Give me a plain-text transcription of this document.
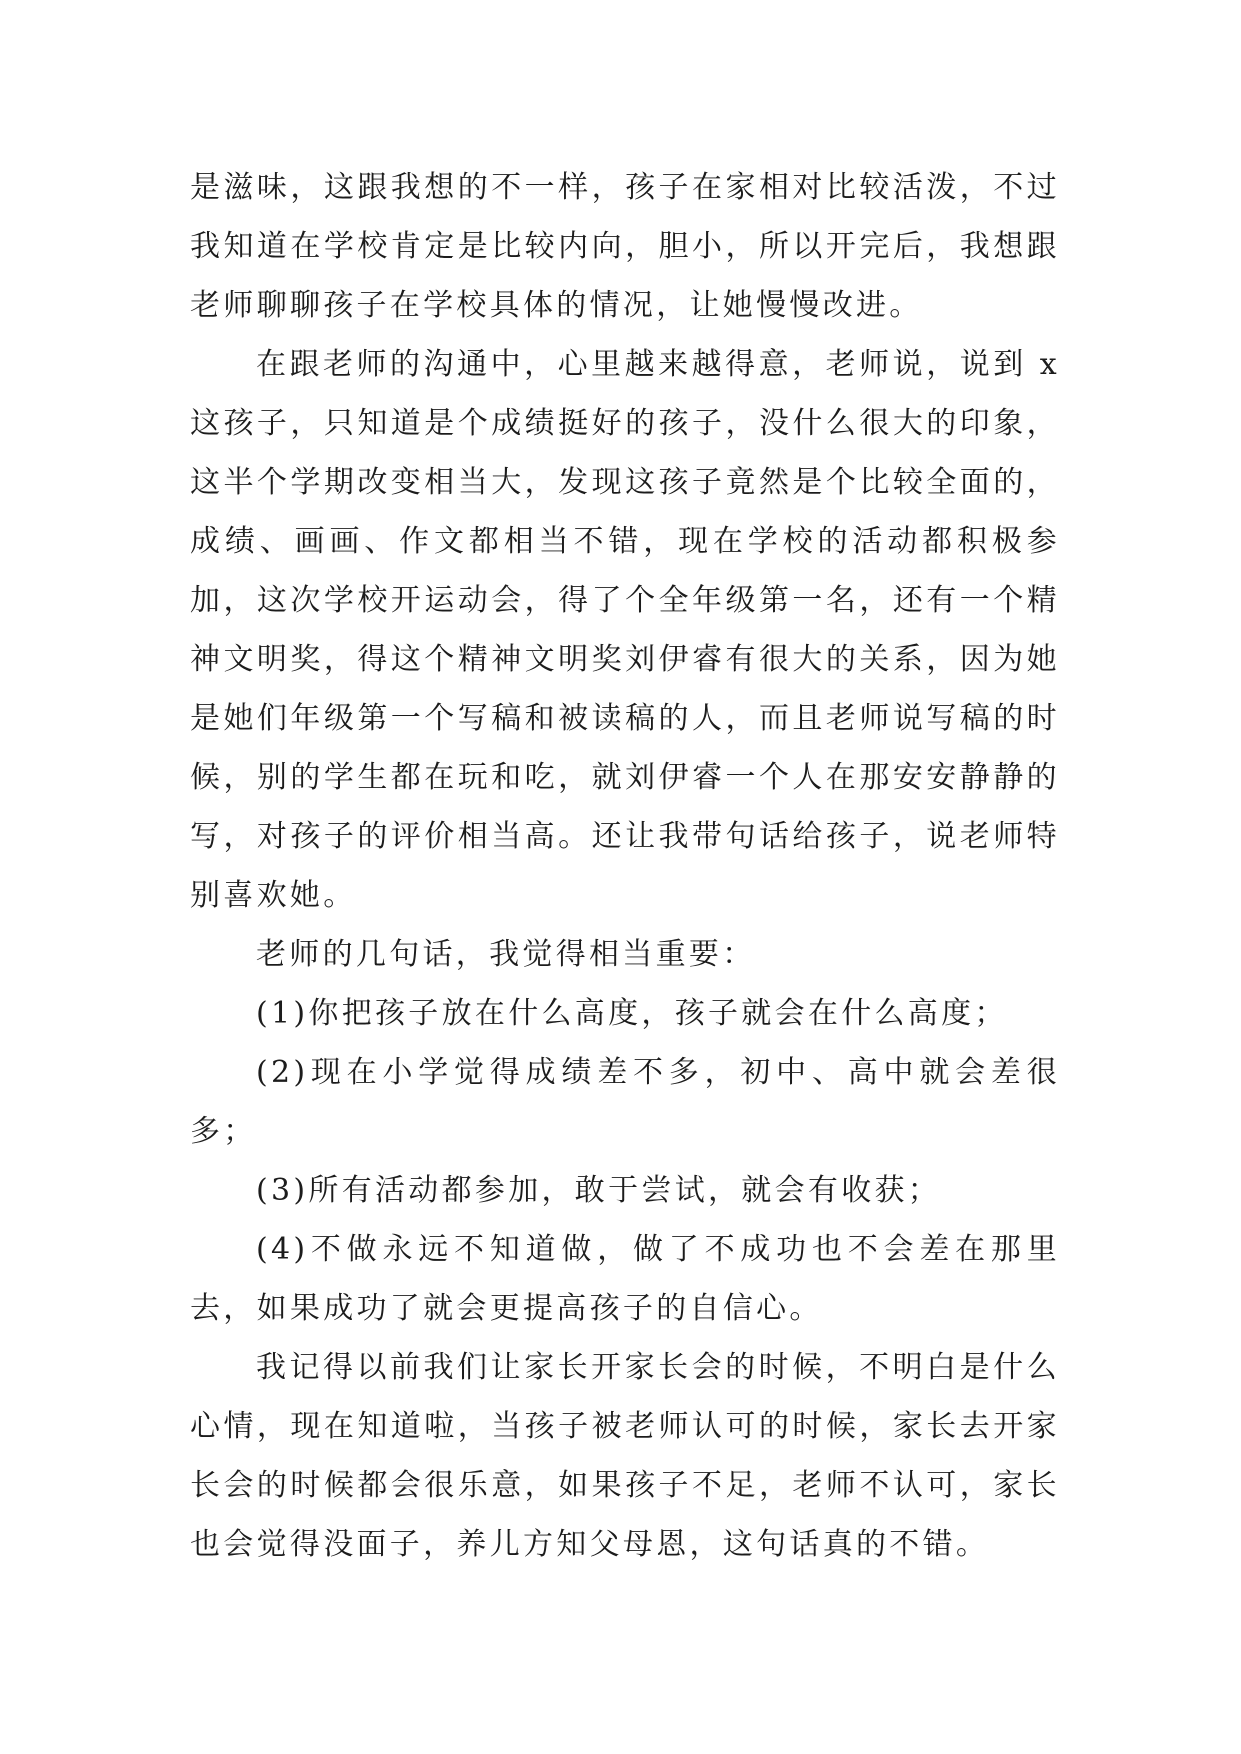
是滋味，这跟我想的不一样，孩子在家相对比较活泼，不过我知道在学校肯定是比较内向，胆小，所以开完后，我想跟老师聊聊孩子在学校具体的情况，让她慢慢改进。

在跟老师的沟通中，心里越来越得意，老师说，说到 x 这孩子，只知道是个成绩挺好的孩子，没什么很大的印象，这半个学期改变相当大，发现这孩子竟然是个比较全面的，成绩、画画、作文都相当不错，现在学校的活动都积极参加，这次学校开运动会，得了个全年级第一名，还有一个精神文明奖，得这个精神文明奖刘伊睿有很大的关系，因为她是她们年级第一个写稿和被读稿的人，而且老师说写稿的时候，别的学生都在玩和吃，就刘伊睿一个人在那安安静静的写，对孩子的评价相当高。还让我带句话给孩子，说老师特别喜欢她。

老师的几句话，我觉得相当重要：

(1)你把孩子放在什么高度，孩子就会在什么高度；

(2)现在小学觉得成绩差不多，初中、高中就会差很多；

(3)所有活动都参加，敢于尝试，就会有收获；

(4)不做永远不知道做，做了不成功也不会差在那里去，如果成功了就会更提高孩子的自信心。

我记得以前我们让家长开家长会的时候，不明白是什么心情，现在知道啦，当孩子被老师认可的时候，家长去开家长会的时候都会很乐意，如果孩子不足，老师不认可，家长也会觉得没面子，养儿方知父母恩，这句话真的不错。
